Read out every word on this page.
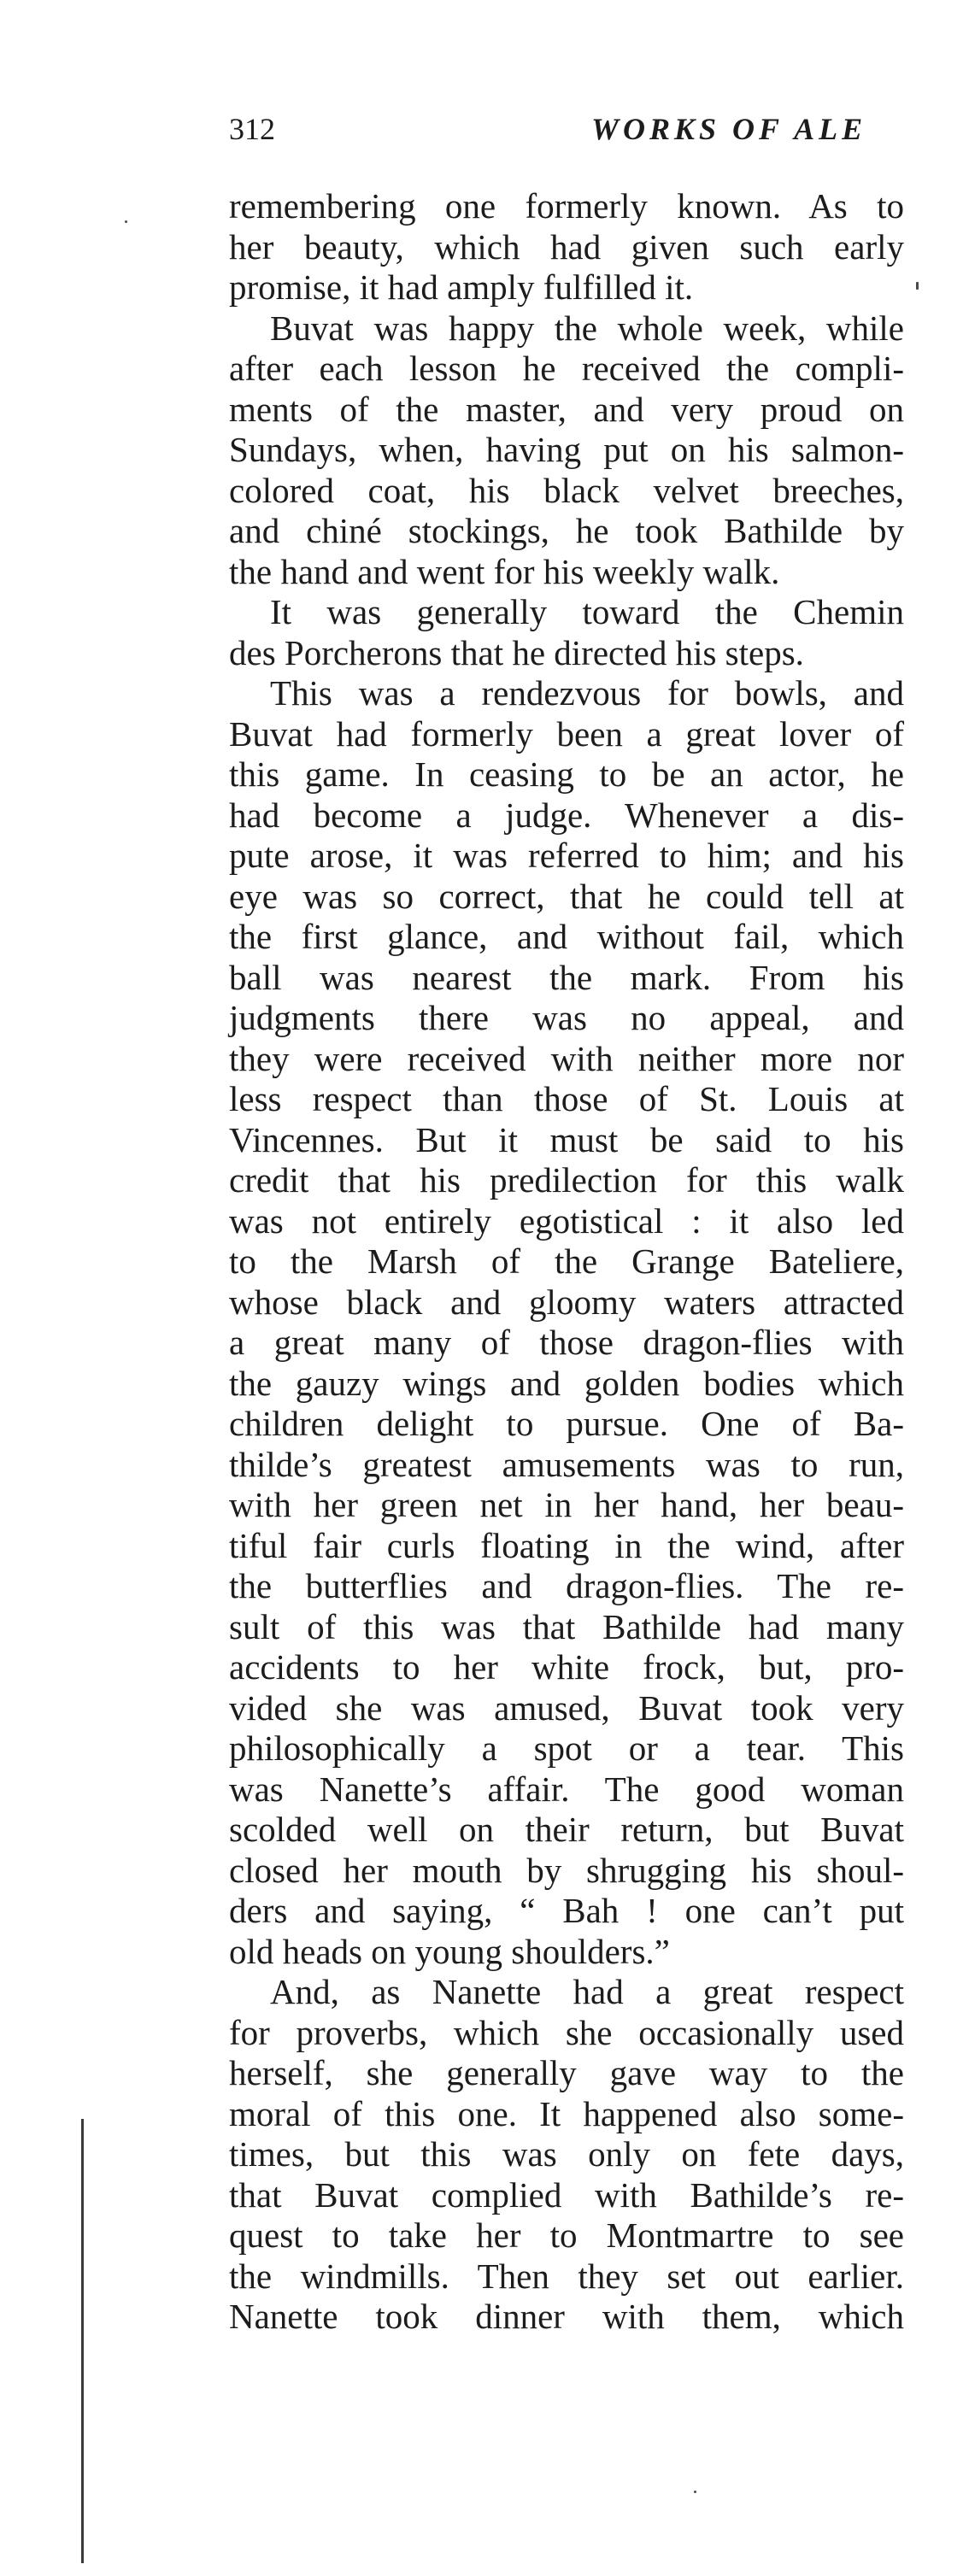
312	WORKS OF ALE
remembering one formerly known. As to
her beauty, which had given such early
promise, it had amply fulfilled it.
Buvat was happy the whole week, while
after each lesson he received the compli-
ments of the master, and very proud on
Sundays, when, having put on his salmon-
colored coat, his black velvet breeches,
and chiné stockings, he took Bathilde by
the hand and went for his weekly walk.
It was generally toward the Chemin
des Porcherons that he directed his steps.
This was a rendezvous for bowls, and
Buvat had formerly been a great lover of
this game. In ceasing to be an actor, he
had become a judge. Whenever a dis-
pute arose, it was referred to him; and his
eye was so correct, that he could tell at
the first glance, and without fail, which
ball was nearest the mark. From his
judgments there was no appeal, and
they were received with neither more nor
less respect than those of St. Louis at
Vincennes. But it must be said to his
credit that his predilection for this walk
was not entirely egotistical : it also led
to the Marsh of the Grange Bateliere,
whose black and gloomy waters attracted
a great many of those dragon-flies with
the gauzy wings and golden bodies which
children delight to pursue. One of Ba-
thilde’s greatest amusements was to run,
with her green net in her hand, her beau-
tiful fair curls floating in the wind, after
the butterflies and dragon-flies. The re-
sult of this was that Bathilde had many
accidents to her white frock, but, pro-
vided she was amused, Buvat took very
philosophically a spot or a tear. This
was Nanette’s affair. The good woman
scolded well on their return, but Buvat
closed her mouth by shrugging his shoul-
ders and saying, “ Bah ! one can’t put
old heads on young shoulders.”
And, as Nanette had a great respect
for proverbs, which she occasionally used
herself, she generally gave way to the
moral of this one. It happened also some-
times, but this was only on fete days,
that Buvat complied with Bathilde’s re-
quest to take her to Montmartre to see
the windmills. Then they set out earlier.
Nanette took dinner with them, which
